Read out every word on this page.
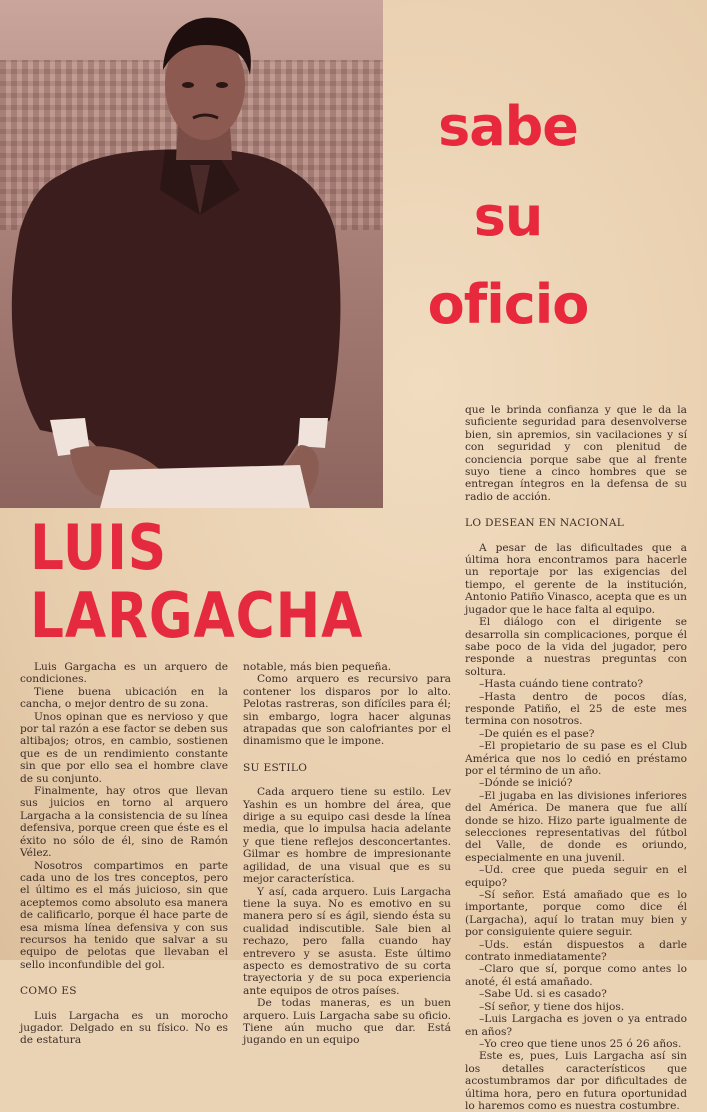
sabe
su
oficio
LUIS
LARGACHA

Luis Gargacha es un arquero de condiciones.

Tiene buena ubicación en la cancha, o mejor dentro de su zona.

Unos opinan que es nervioso y que por tal razón a ese factor se deben sus altibajos; otros, en cambio, sostienen que es de un rendimiento constante sin que por ello sea el hombre clave de su conjunto.

Finalmente, hay otros que llevan sus juicios en torno al arquero Largacha a la consistencia de su línea defensiva, porque creen que éste es el éxito no sólo de él, sino de Ramón Vélez.

Nosotros compartimos en parte cada uno de los tres conceptos, pero el último es el más juicioso, sin que aceptemos como absoluto esa manera de calificarlo, porque él hace parte de esa misma línea defensiva y con sus recursos ha tenido que salvar a su equipo de pelotas que llevaban el sello inconfundible del gol.

COMO ES

Luis Largacha es un morocho jugador. Delgado en su físico. No es de estatura

notable, más bien pequeña.

Como arquero es recursivo para contener los disparos por lo alto. Pelotas rastreras, son difíciles para él; sin embargo, logra hacer algunas atrapadas que son calofriantes por el dinamismo que le impone.

SU ESTILO

Cada arquero tiene su estilo. Lev Yashin es un hombre del área, que dirige a su equipo casi desde la línea media, que lo impulsa hacia adelante y que tiene reflejos desconcertantes. Gilmar es hombre de impresionante agilidad, de una visual que es su mejor característica.

Y así, cada arquero. Luis Largacha tiene la suya. No es emotivo en su manera pero sí es ágil, siendo ésta su cualidad indiscutible. Sale bien al rechazo, pero falla cuando hay entrevero y se asusta. Este último aspecto es demostrativo de su corta trayectoria y de su poca experiencia ante equipos de otros países.

De todas maneras, es un buen arquero. Luis Largacha sabe su oficio. Tiene aún mucho que dar. Está jugando en un equipo

que le brinda confianza y que le da la suficiente seguridad para desenvolverse bien, sin apremios, sin vacilaciones y sí con seguridad y con plenitud de conciencia porque sabe que al frente suyo tiene a cinco hombres que se entregan íntegros en la defensa de su radio de acción.

LO DESEAN EN NACIONAL

A pesar de las dificultades que a última hora encontramos para hacerle un reportaje por las exigencias del tiempo, el gerente de la institución, Antonio Patiño Vinasco, acepta que es un jugador que le hace falta al equipo.

El diálogo con el dirigente se desarrolla sin complicaciones, porque él sabe poco de la vida del jugador, pero responde a nuestras preguntas con soltura.

–Hasta cuándo tiene contrato?

–Hasta dentro de pocos días, responde Patiño, el 25 de este mes termina con nosotros.

–De quién es el pase?

–El propietario de su pase es el Club América que nos lo cedió en préstamo por el término de un año.

–Dónde se inició?

–El jugaba en las divisiones inferiores del América. De manera que fue allí donde se hizo. Hizo parte igualmente de selecciones representativas del fútbol del Valle, de donde es oriundo, especialmente en una juvenil.

–Ud. cree que pueda seguir en el equipo?

–Sí señor. Está amañado que es lo importante, porque como dice él (Largacha), aquí lo tratan muy bien y por consiguiente quiere seguir.

–Uds. están dispuestos a darle contrato inmediatamente?

–Claro que sí, porque como antes lo anoté, él está amañado.

–Sabe Ud. si es casado?

–Sí señor, y tiene dos hijos.

–Luis Largacha es joven o ya entrado en años?

–Yo creo que tiene unos 25 ó 26 años.

Este es, pues, Luis Largacha así sin los detalles característicos que acostumbramos dar por dificultades de última hora, pero en futura oportunidad lo haremos como es nuestra costumbre.
